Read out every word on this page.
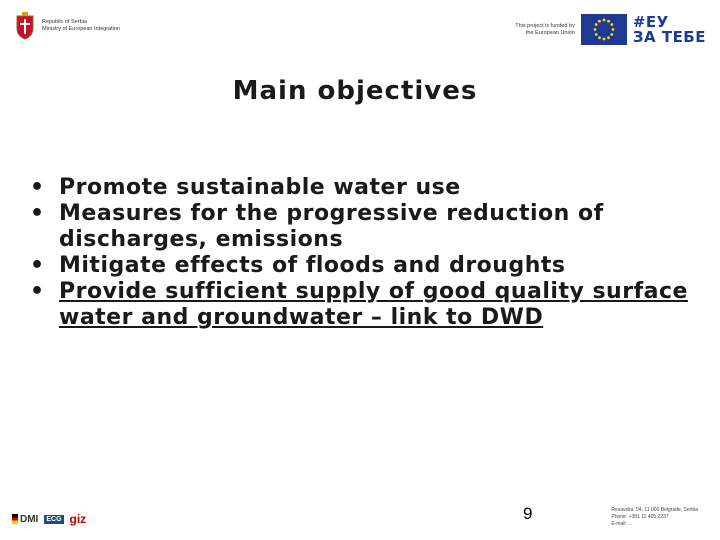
Republic of Serbia
Ministry of European Integration
This project is funded by
the European Union
#ЕУ
ЗА ТЕБЕ
Main objectives
• Promote sustainable water use
• Measures for the progressive reduction of discharges, emissions
• Mitigate effects of floods and droughts
• Provide sufficient supply of good quality surface water and groundwater – link to DWD
DMI ECG giz	9	Resavska 7/4, 11 000 Belgrade, Serbia
Phone: +381 11 405 2237
E-mail: ...
